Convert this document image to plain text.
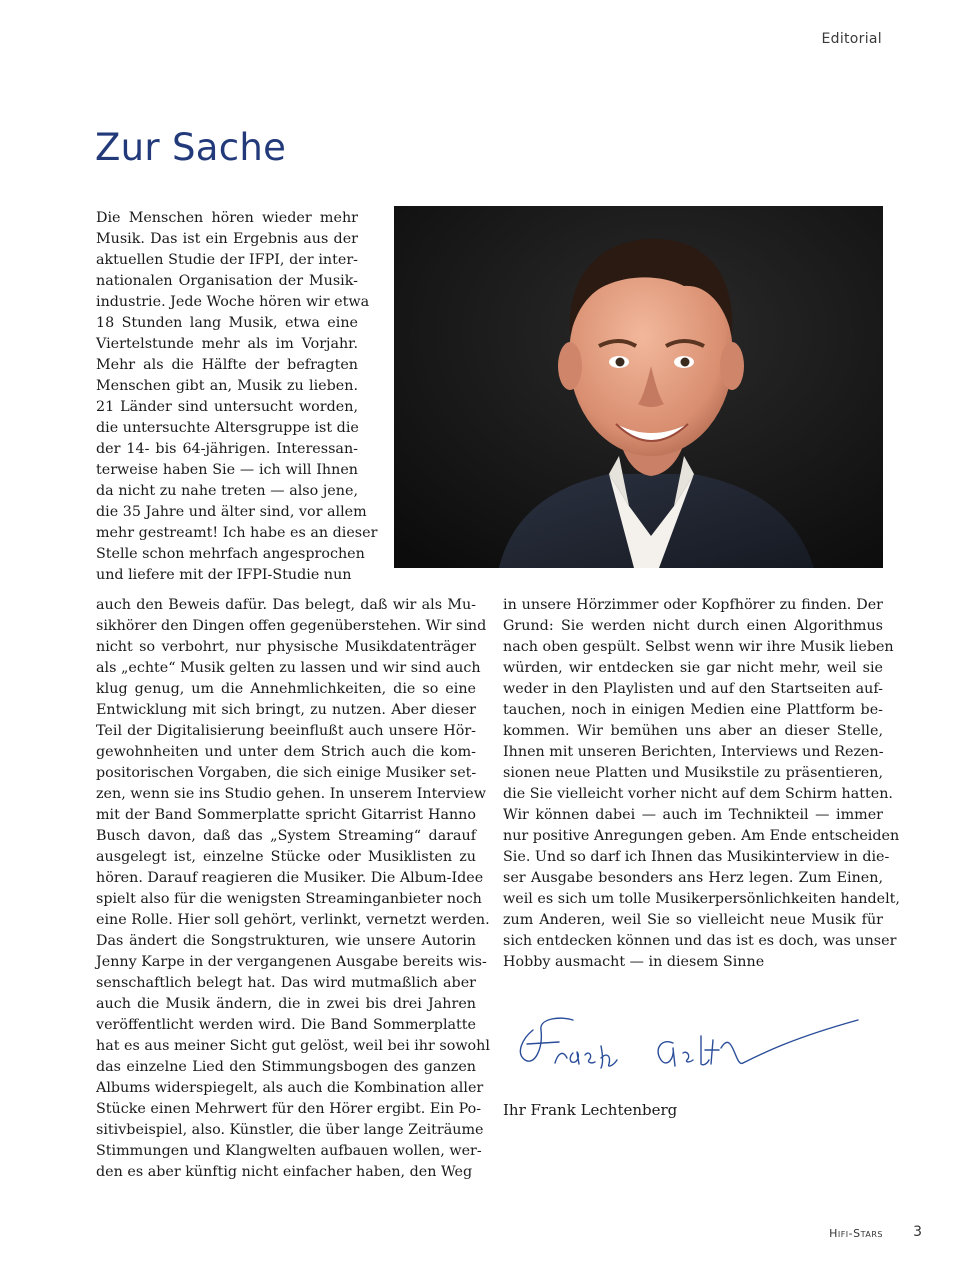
Editorial
Zur Sache
Die Menschen hören wieder mehr
Musik. Das ist ein Ergebnis aus der
aktuellen Studie der IFPI, der inter-
nationalen Organisation der Musik-
industrie. Jede Woche hören wir etwa
18 Stunden lang Musik, etwa eine
Viertelstunde mehr als im Vorjahr.
Mehr als die Hälfte der befragten
Menschen gibt an, Musik zu lieben.
21 Länder sind untersucht worden,
die untersuchte Altersgruppe ist die
der 14- bis 64-jährigen. Interessan-
terweise haben Sie — ich will Ihnen
da nicht zu nahe treten — also jene,
die 35 Jahre und älter sind, vor allem
mehr gestreamt! Ich habe es an dieser
Stelle schon mehrfach angesprochen
und liefere mit der IFPI-Studie nun
auch den Beweis dafür. Das belegt, daß wir als Mu-
sikhörer den Dingen offen gegenüberstehen. Wir sind
nicht so verbohrt, nur physische Musikdatenträger
als „echte“ Musik gelten zu lassen und wir sind auch
klug genug, um die Annehmlichkeiten, die so eine
Entwicklung mit sich bringt, zu nutzen. Aber dieser
Teil der Digitalisierung beeinflußt auch unsere Hör-
gewohnheiten und unter dem Strich auch die kom-
positorischen Vorgaben, die sich einige Musiker set-
zen, wenn sie ins Studio gehen. In unserem Interview
mit der Band Sommerplatte spricht Gitarrist Hanno
Busch davon, daß das „System Streaming“ darauf
ausgelegt ist, einzelne Stücke oder Musiklisten zu
hören. Darauf reagieren die Musiker. Die Album-Idee
spielt also für die wenigsten Streaminganbieter noch
eine Rolle. Hier soll gehört, verlinkt, vernetzt werden.
Das ändert die Songstrukturen, wie unsere Autorin
Jenny Karpe in der vergangenen Ausgabe bereits wis-
senschaftlich belegt hat. Das wird mutmaßlich aber
auch die Musik ändern, die in zwei bis drei Jahren
veröffentlicht werden wird. Die Band Sommerplatte
hat es aus meiner Sicht gut gelöst, weil bei ihr sowohl
das einzelne Lied den Stimmungsbogen des ganzen
Albums widerspiegelt, als auch die Kombination aller
Stücke einen Mehrwert für den Hörer ergibt. Ein Po-
sitivbeispiel, also. Künstler, die über lange Zeiträume
Stimmungen und Klangwelten aufbauen wollen, wer-
den es aber künftig nicht einfacher haben, den Weg
in unsere Hörzimmer oder Kopfhörer zu finden. Der
Grund: Sie werden nicht durch einen Algorithmus
nach oben gespült. Selbst wenn wir ihre Musik lieben
würden, wir entdecken sie gar nicht mehr, weil sie
weder in den Playlisten und auf den Startseiten auf-
tauchen, noch in einigen Medien eine Plattform be-
kommen. Wir bemühen uns aber an dieser Stelle,
Ihnen mit unseren Berichten, Interviews und Rezen-
sionen neue Platten und Musikstile zu präsentieren,
die Sie vielleicht vorher nicht auf dem Schirm hatten.
Wir können dabei — auch im Technikteil — immer
nur positive Anregungen geben. Am Ende entscheiden
Sie. Und so darf ich Ihnen das Musikinterview in die-
ser Ausgabe besonders ans Herz legen. Zum Einen,
weil es sich um tolle Musikerpersönlichkeiten handelt,
zum Anderen, weil Sie so vielleicht neue Musik für
sich entdecken können und das ist es doch, was unser
Hobby ausmacht — in diesem Sinne
Ihr Frank Lechtenberg
Hifi-Stars 3
